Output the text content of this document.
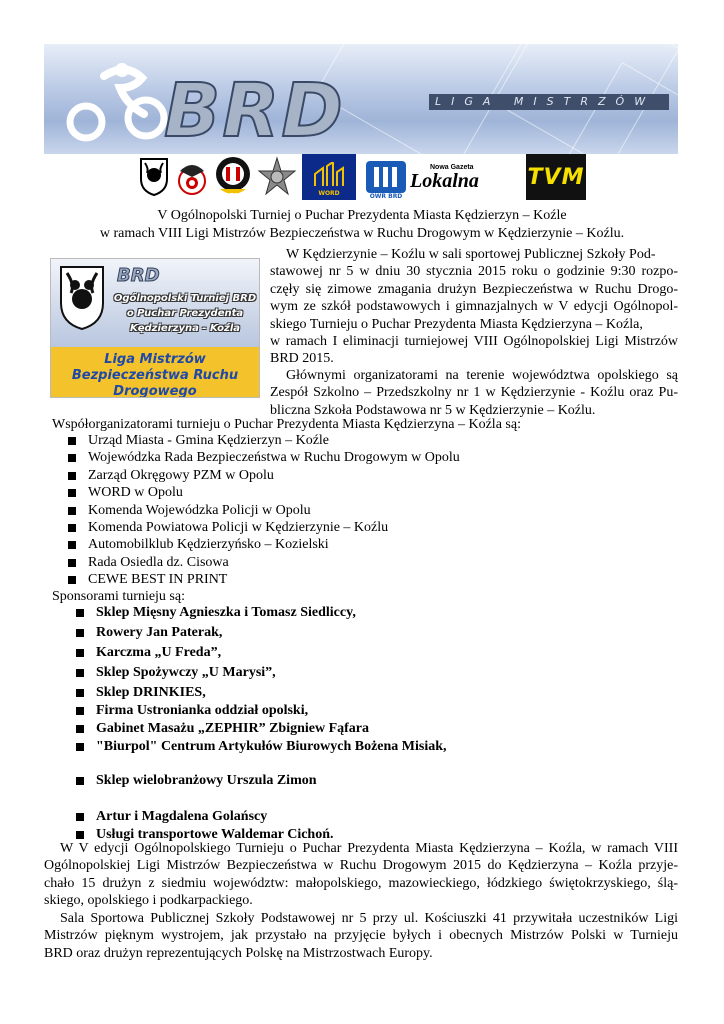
BRD	LIGA MISTRZÓW
PZM	WORD	OWR BRD
Nowa Gazeta
Lokalna TVM
V Ogólnopolski Turniej o Puchar Prezydenta Miasta Kędzierzyn – Koźle
w ramach VIII Ligi Mistrzów Bezpieczeństwa w Ruchu Drogowym w Kędzierzynie – Koźlu.
BRD
Ogólnopolski Turniej BRD
o Puchar Prezydenta
Kędzierzyna - Koźla
Liga Mistrzów
Bezpieczeństwa Ruchu Drogowego
W Kędzierzynie – Koźlu w sali sportowej Publicznej Szkoły Pod-
stawowej nr 5 w dniu 30 stycznia 2015 roku o godzinie 9:30 rozpo-
częły się zimowe zmagania drużyn Bezpieczeństwa w Ruchu Drogo-
wym ze szkół podstawowych i gimnazjalnych w V edycji Ogólnopol-
skiego Turnieju o Puchar Prezydenta Miasta Kędzierzyna – Koźla,
w ramach I eliminacji turniejowej VIII Ogólnopolskiej Ligi Mistrzów
BRD 2015.
Głównymi organizatorami na terenie województwa opolskiego są
Zespół Szkolno – Przedszkolny nr 1 w Kędzierzynie - Koźlu oraz Pu-
bliczna Szkoła Podstawowa nr 5 w Kędzierzynie – Koźlu.
Współorganizatorami turnieju o Puchar Prezydenta Miasta Kędzierzyna – Koźla są:
Urząd Miasta - Gmina Kędzierzyn – Koźle
Wojewódzka Rada Bezpieczeństwa w Ruchu Drogowym w Opolu
Zarząd Okręgowy PZM w Opolu
WORD w Opolu
Komenda Wojewódzka Policji w Opolu
Komenda Powiatowa Policji w Kędzierzynie – Koźlu
Automobilklub Kędzierzyńsko – Kozielski
Rada Osiedla dz. Cisowa
CEWE BEST IN PRINT
Sponsorami turnieju są:
Sklep Mięsny Agnieszka i Tomasz Siedliccy,
Rowery Jan Paterak,
Karczma „U Freda”,
Sklep Spożywczy „U Marysi”,
Sklep DRINKIES,
Firma Ustronianka oddział opolski,
Gabinet Masażu „ZEPHIR” Zbigniew Fąfara
"Biurpol" Centrum Artykułów Biurowych Bożena Misiak,
Sklep wielobranżowy Urszula Zimon
Artur i Magdalena Golańscy
Usługi transportowe Waldemar Cichoń.
W V edycji Ogólnopolskiego Turnieju o Puchar Prezydenta Miasta Kędzierzyna – Koźla, w ramach VIII
Ogólnopolskiej Ligi Mistrzów Bezpieczeństwa w Ruchu Drogowym 2015 do Kędzierzyna – Koźla przyje-
chało 15 drużyn z siedmiu województw: małopolskiego, mazowieckiego, łódzkiego świętokrzyskiego, ślą-
skiego, opolskiego i podkarpackiego.
Sala Sportowa Publicznej Szkoły Podstawowej nr 5 przy ul. Kościuszki 41 przywitała uczestników Ligi
Mistrzów pięknym wystrojem, jak przystało na przyjęcie byłych i obecnych Mistrzów Polski w Turnieju
BRD oraz drużyn reprezentujących Polskę na Mistrzostwach Europy.
